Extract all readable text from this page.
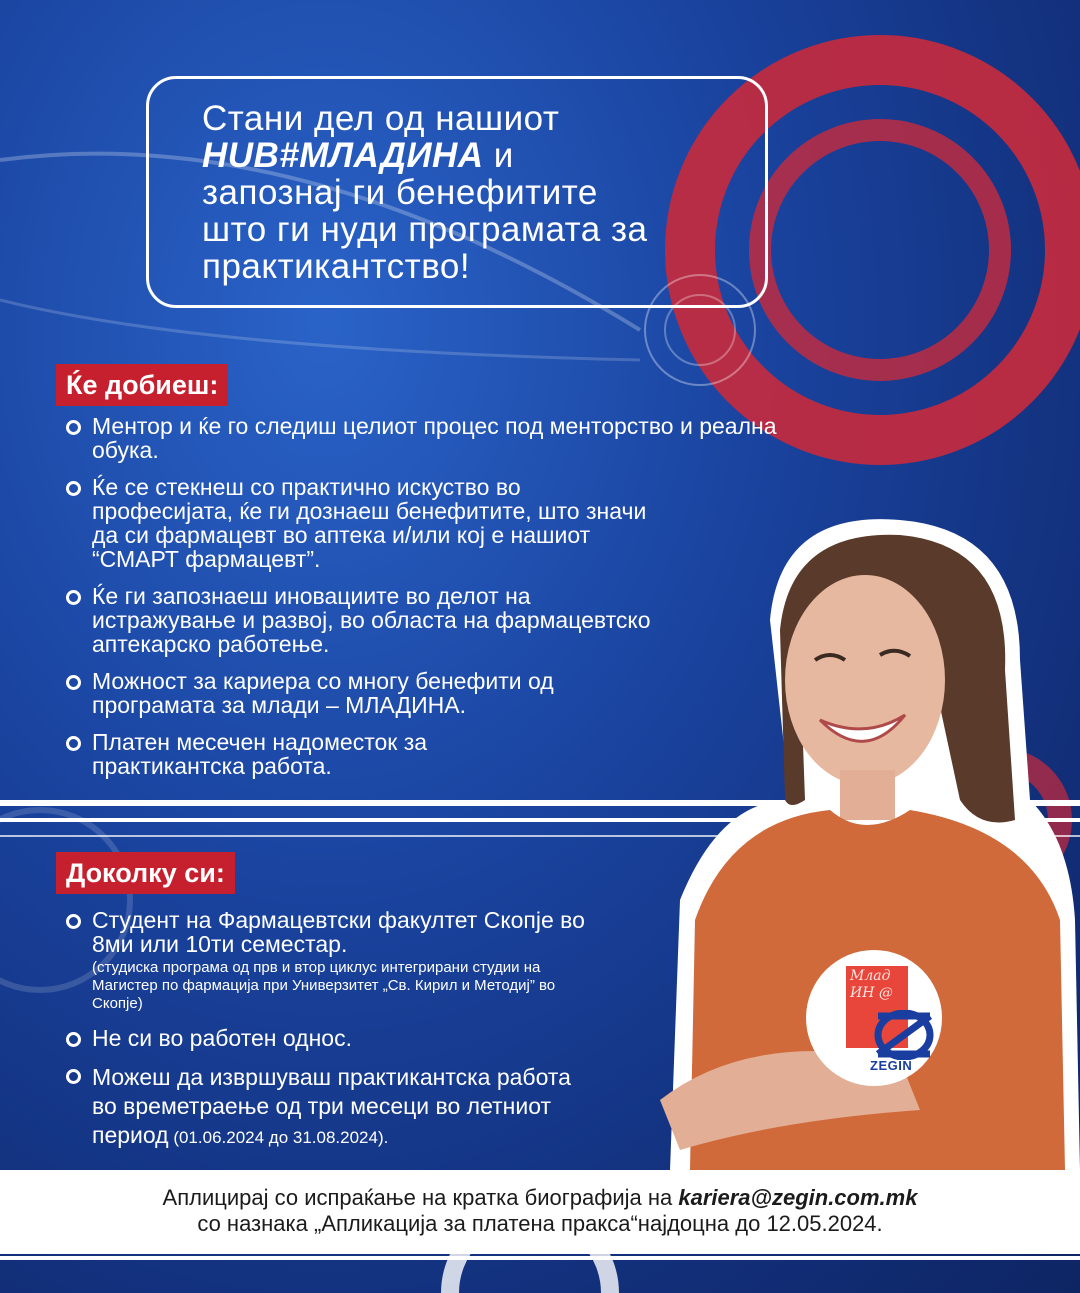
Стани дел од нашиот
HUB#МЛАДИНА и
запознај ги бенефитите
што ги нуди програмата за
практикантство!
Млад ИН @
ZEGIN
Ќе добиеш:
Ментор и ќе го следиш целиот процес под менторство и реална обука.
Ќе се стекнеш со практично искуство во професијата, ќе ги дознаеш бенефитите, што значи да си фармацевт во аптека и/или кој е нашиот “СМАРТ фармацевт”.
Ќе ги запознаеш иновациите во делот на истражување и развој, во областа на фармацевтско аптекарско работење.
Можност за кариера со многу бенефити од програмата за млади – МЛАДИНА.
Платен месечен надоместок за практикантска работа.
Доколку си:
Студент на Фармацевтски факултет Скопје во 8ми или 10ти семестар.
(студиска програма од прв и втор циклус интегрирани студии на Магистер по фармација при Универзитет „Св. Кирил и Методиј” во Скопје)
Не си во работен однос.
Можеш да извршуваш практикантска работа во времетраење од три месеци во летниот период (01.06.2024 до 31.08.2024).
Аплицирај со испраќање на кратка биографија на kariera@zegin.com.mk
со назнака „Апликација за платена пракса“најдоцна до 12.05.2024.
